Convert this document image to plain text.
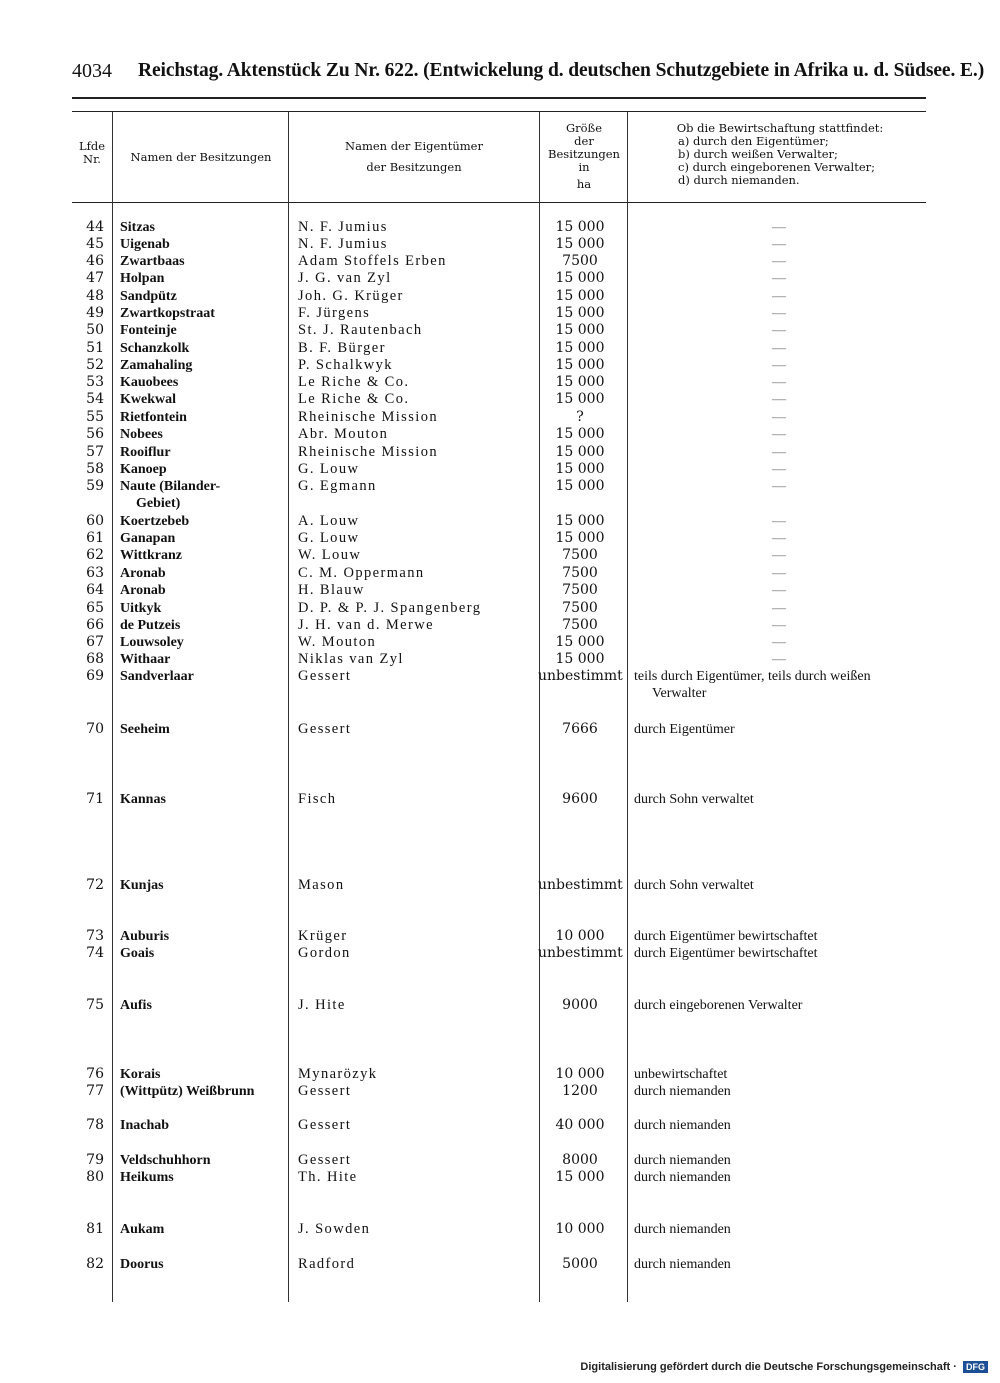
4034 Reichstag. Aktenstück Zu Nr. 622. (Entwickelung d. deutschen Schutzgebiete in Afrika u. d. Südsee. E.)
Lfde
Nr.	Namen der Besitzungen
Namen der Eigentümer
der Besitzungen
Größe
der
Besitzungen
in
ha
Ob die Bewirtschaftung stattfindet:
a) durch den Eigentümer;
b) durch weißen Verwalter;
c) durch eingeborenen Verwalter;
d) durch niemanden.
44 Sitzas	N. F. Jumius	15 000	—
45 Uigenab	N. F. Jumius	15 000	—
46 Zwartbaas	Adam Stoffels Erben	7500	—
47 Holpan	J. G. van Zyl	15 000	—
48 Sandpütz	Joh. G. Krüger	15 000	—
49 Zwartkopstraat	F. Jürgens	15 000	—
50 Fonteinje	St. J. Rautenbach	15 000	—
51 Schanzkolk	B. F. Bürger	15 000	—
52 Zamahaling	P. Schalkwyk	15 000	—
53 Kauobees	Le Riche & Co.	15 000	—
54 Kwekwal	Le Riche & Co.	15 000	—
55 Rietfontein	Rheinische Mission	?	—
56 Nobees	Abr. Mouton	15 000	—
57 Rooiflur	Rheinische Mission	15 000	—
58 Kanoep	G. Louw	15 000	—
59 Naute (Bilander-
Gebiet)
G. Egmann	15 000	—
60 Koertzebeb	A. Louw	15 000	—
61 Ganapan	G. Louw	15 000	—
62 Wittkranz	W. Louw	7500	—
63 Aronab	C. M. Oppermann	7500	—
64 Aronab	H. Blauw	7500	—
65 Uitkyk	D. P. & P. J. Spangenberg	7500	—
66 de Putzeis	J. H. van d. Merwe	7500	—
67 Louwsoley	W. Mouton	15 000	—
68 Withaar	Niklas van Zyl	15 000	—
69 Sandverlaar	Gessert	unbestimmt teils durch Eigentümer, teils durch weißen
Verwalter
70 Seeheim	Gessert	7666	durch Eigentümer
71 Kannas	Fisch	9600	durch Sohn verwaltet
72 Kunjas	Mason	unbestimmt durch Sohn verwaltet
73 Auburis	Krüger	10 000	durch Eigentümer bewirtschaftet
74 Goais	Gordon	unbestimmt durch Eigentümer bewirtschaftet
75 Aufis	J. Hite	9000	durch eingeborenen Verwalter
76 Korais	Mynarözyk	10 000	unbewirtschaftet
77 (Wittpütz) Weißbrunn	Gessert	1200	durch niemanden
78 Inachab	Gessert	40 000	durch niemanden
79 Veldschuhhorn	Gessert	8000	durch niemanden
80 Heikums	Th. Hite	15 000	durch niemanden
81 Aukam	J. Sowden	10 000	durch niemanden
82 Doorus	Radford	5000	durch niemanden
Digitalisierung gefördert durch die Deutsche Forschungsgemeinschaft · DFG
